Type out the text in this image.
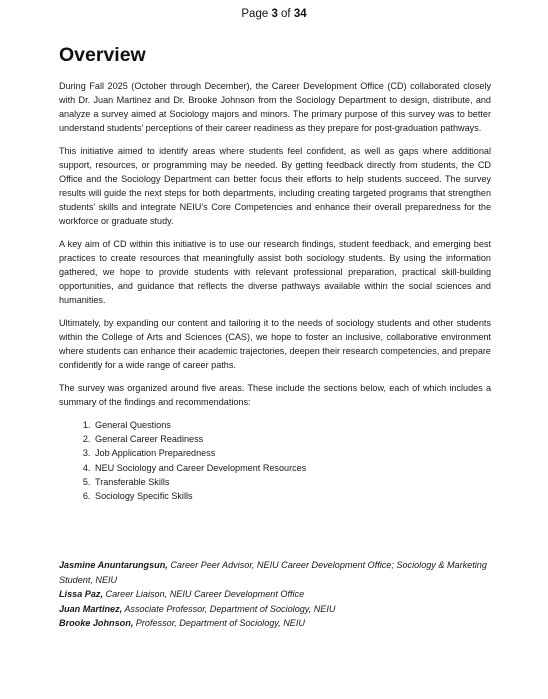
Page 3 of 34
Overview

During Fall 2025 (October through December), the Career Development Office (CD) collaborated closely with Dr. Juan Martinez and Dr. Brooke Johnson from the Sociology Department to design, distribute, and analyze a survey aimed at Sociology majors and minors. The primary purpose of this survey was to better understand students’ perceptions of their career readiness as they prepare for post-graduation pathways.

This initiative aimed to identify areas where students feel confident, as well as gaps where additional support, resources, or programming may be needed. By getting feedback directly from students, the CD Office and the Sociology Department can better focus their efforts to help students succeed. The survey results will guide the next steps for both departments, including creating targeted programs that strengthen students’ skills and integrate NEIU’s Core Competencies and enhance their overall preparedness for the workforce or graduate study.

A key aim of CD within this initiative is to use our research findings, student feedback, and emerging best practices to create resources that meaningfully assist both sociology students. By using the information gathered, we hope to provide students with relevant professional preparation, practical skill-building opportunities, and guidance that reflects the diverse pathways available within the social sciences and humanities.

Ultimately, by expanding our content and tailoring it to the needs of sociology students and other students within the College of Arts and Sciences (CAS), we hope to foster an inclusive, collaborative environment where students can enhance their academic trajectories, deepen their research competencies, and prepare confidently for a wide range of career paths.

The survey was organized around five areas. These include the sections below, each of which includes a summary of the findings and recommendations:

1. General Questions
2. General Career Readiness
3. Job Application Preparedness
4. NEU Sociology and Career Development Resources
5. Transferable Skills
6. Sociology Specific Skills
Jasmine Anuntarungsun, Career Peer Advisor, NEIU Career Development Office; Sociology & Marketing Student, NEIU
Lissa Paz, Career Liaison, NEIU Career Development Office
Juan Martinez, Associate Professor, Department of Sociology, NEIU
Brooke Johnson, Professor, Department of Sociology, NEIU
